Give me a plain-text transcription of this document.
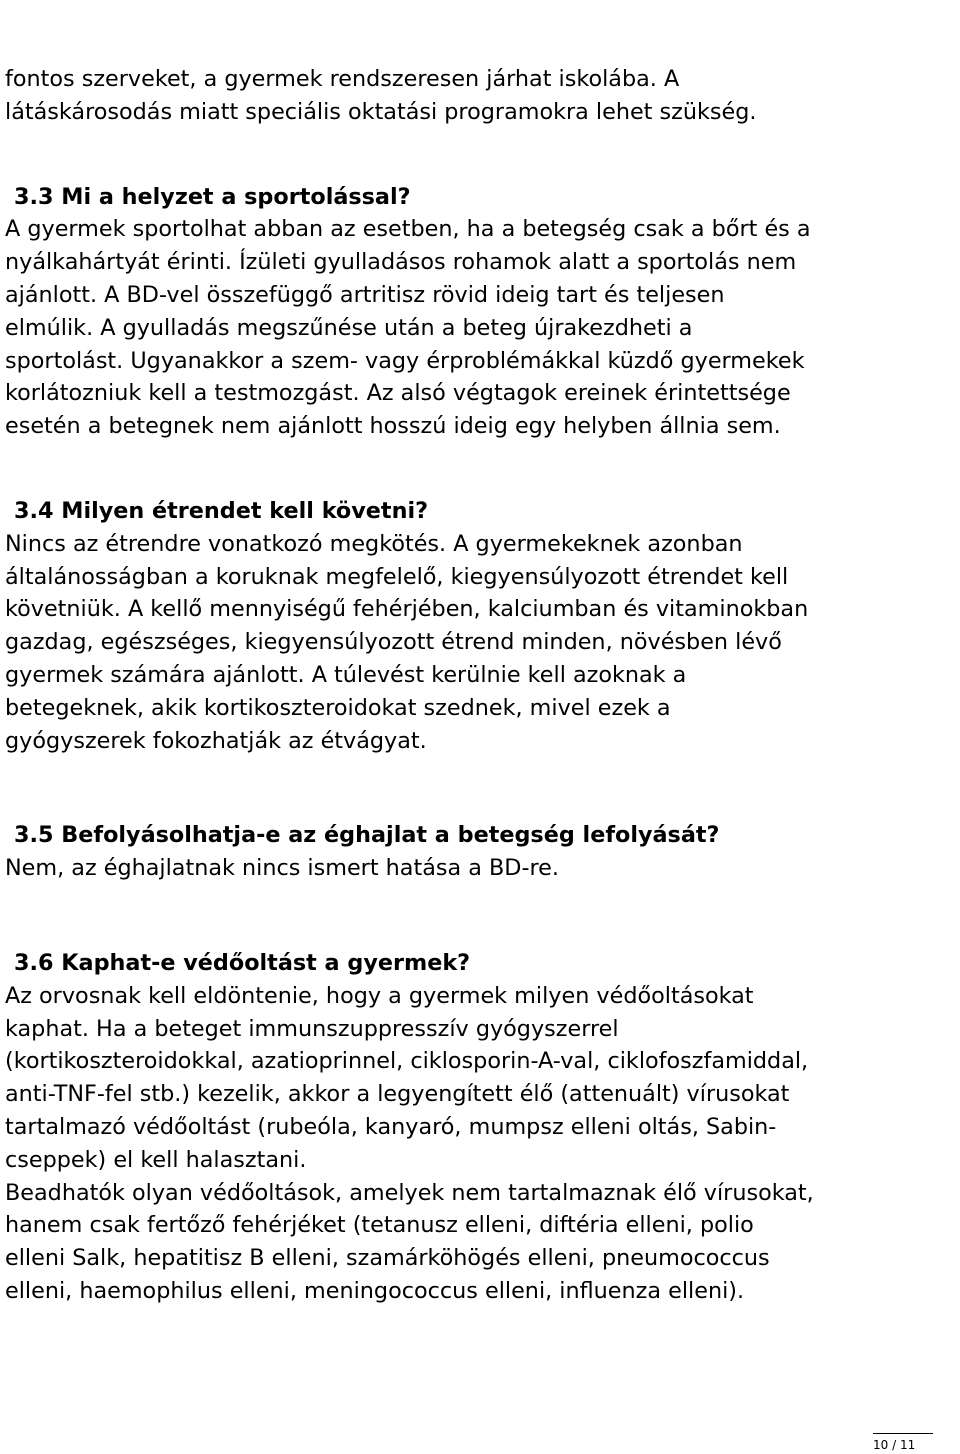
fontos szerveket, a gyermek rendszeresen járhat iskolába. A
látáskárosodás miatt speciális oktatási programokra lehet szükség.
3.3 Mi a helyzet a sportolással?
A gyermek sportolhat abban az esetben, ha a betegség csak a bőrt és a
nyálkahártyát érinti. Ízületi gyulladásos rohamok alatt a sportolás nem
ajánlott. A BD-vel összefüggő artritisz rövid ideig tart és teljesen
elmúlik. A gyulladás megszűnése után a beteg újrakezdheti a
sportolást. Ugyanakkor a szem- vagy érproblémákkal küzdő gyermekek
korlátozniuk kell a testmozgást. Az alsó végtagok ereinek érintettsége
esetén a betegnek nem ajánlott hosszú ideig egy helyben állnia sem.
3.4 Milyen étrendet kell követni?
Nincs az étrendre vonatkozó megkötés. A gyermekeknek azonban
általánosságban a koruknak megfelelő, kiegyensúlyozott étrendet kell
követniük. A kellő mennyiségű fehérjében, kalciumban és vitaminokban
gazdag, egészséges, kiegyensúlyozott étrend minden, növésben lévő
gyermek számára ajánlott. A túlevést kerülnie kell azoknak a
betegeknek, akik kortikoszteroidokat szednek, mivel ezek a
gyógyszerek fokozhatják az étvágyat.
3.5 Befolyásolhatja-e az éghajlat a betegség lefolyását?
Nem, az éghajlatnak nincs ismert hatása a BD-re.
3.6 Kaphat-e védőoltást a gyermek?
Az orvosnak kell eldöntenie, hogy a gyermek milyen védőoltásokat
kaphat. Ha a beteget immunszuppresszív gyógyszerrel
(kortikoszteroidokkal, azatioprinnel, ciklosporin-A-val, ciklofoszfamiddal,
anti-TNF-fel stb.) kezelik, akkor a legyengített élő (attenuált) vírusokat
tartalmazó védőoltást (rubeóla, kanyaró, mumpsz elleni oltás, Sabin-
cseppek) el kell halasztani.
Beadhatók olyan védőoltások, amelyek nem tartalmaznak élő vírusokat,
hanem csak fertőző fehérjéket (tetanusz elleni, diftéria elleni, polio
elleni Salk, hepatitisz B elleni, szamárköhögés elleni, pneumococcus
elleni, haemophilus elleni, meningococcus elleni, influenza elleni).
10 / 11
